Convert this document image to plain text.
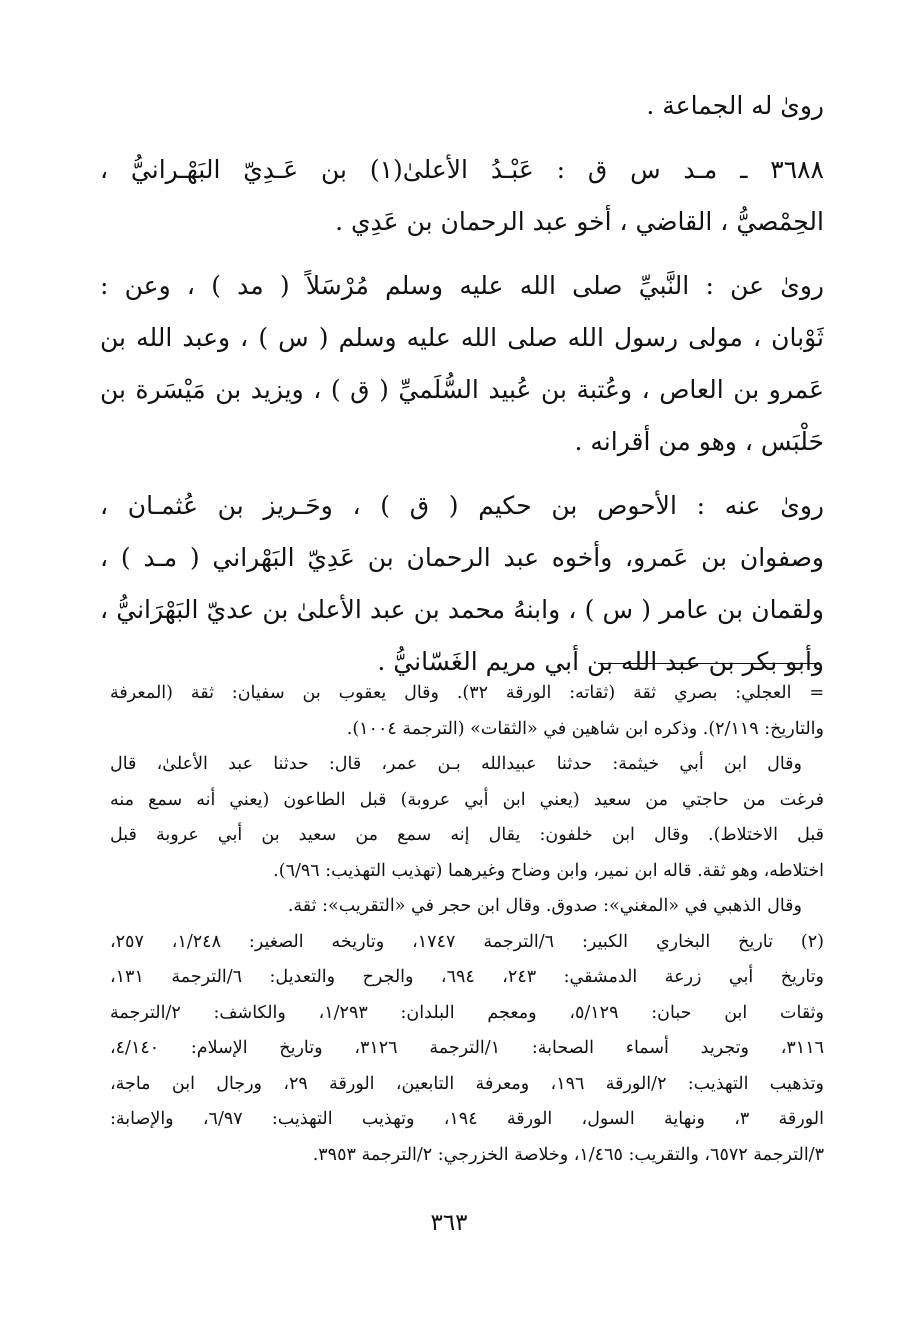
رویٰ له الجماعة .
٣٦٨٨ ـ مـد س ق : عَبْـدُ الأعلىٰ(١) بن عَـدِيّ البَهْـرانيُّ ،
الحِمْصيُّ ، القاضي ، أخو عبد الرحمان بن عَدِي .
رویٰ عن : النَّبيِّ صلى الله عليه وسلم مُرْسَلاً ( مد ) ، وعن :
ثَوْبان ، مولى رسول الله صلى الله عليه وسلم ( س ) ، وعبد الله بن
عَمرو بن العاص ، وعُتبة بن عُبيد السُّلَميِّ ( ق ) ، ويزيد بن مَيْسَرة بن
حَلْبَس ، وهو من أقرانه .
رویٰ عنه : الأحوص بن حكيم ( ق ) ، وحَـريز بن عُثمـان ،
وصفوان بن عَمرو، وأخوه عبد الرحمان بن عَدِيّ البَهْراني ( مـد ) ،
ولقمان بن عامر ( س ) ، وابنهُ محمد بن عبد الأعلىٰ بن عديّ البَهْرَانيُّ ،
وأبو بكر بن عبد الله بن أبي مريم الغَسّانيُّ .
= العجلي: بصري ثقة (ثقاته: الورقة ٣٢). وقال يعقوب بن سفيان: ثقة (المعرفة
والتاريخ: ٢/١١٩). وذكره ابن شاهين في «الثقات» (الترجمة ١٠٠٤).
وقال ابن أبي خيثمة: حدثنا عبيدالله بـن عمر، قال: حدثنا عبد الأعلىٰ، قال
فرغت من حاجتي من سعيد (يعني ابن أبي عروبة) قبل الطاعون (يعني أنه سمع منه
قبل الاختلاط). وقال ابن خلفون: يقال إنه سمع من سعيد بن أبي عروبة قبل
اختلاطه، وهو ثقة. قاله ابن نمير، وابن وضاح وغيرهما (تهذيب التهذيب: ٦/٩٦).
وقال الذهبي في «المغني»: صدوق. وقال ابن حجر في «التقريب»: ثقة.
(٢) تاريخ البخاري الكبير: ٦/الترجمة ١٧٤٧، وتاريخه الصغير: ١/٢٤٨، ٢٥٧،
وتاريخ أبي زرعة الدمشقي: ٢٤٣، ٦٩٤، والجرح والتعديل: ٦/الترجمة ١٣١،
وثقات ابن حبان: ٥/١٢٩، ومعجم البلدان: ١/٢٩٣، والكاشف: ٢/الترجمة
٣١١٦، وتجريد أسماء الصحابة: ١/الترجمة ٣١٢٦، وتاريخ الإسلام: ٤/١٤٠،
وتذهيب التهذيب: ٢/الورقة ١٩٦، ومعرفة التابعين، الورقة ٢٩، ورجال ابن ماجة،
الورقة ٣، ونهاية السول، الورقة ١٩٤، وتهذيب التهذيب: ٦/٩٧، والإصابة:
٣/الترجمة ٦٥٧٢، والتقريب: ١/٤٦٥، وخلاصة الخزرجي: ٢/الترجمة ٣٩٥٣.
٣٦٣
